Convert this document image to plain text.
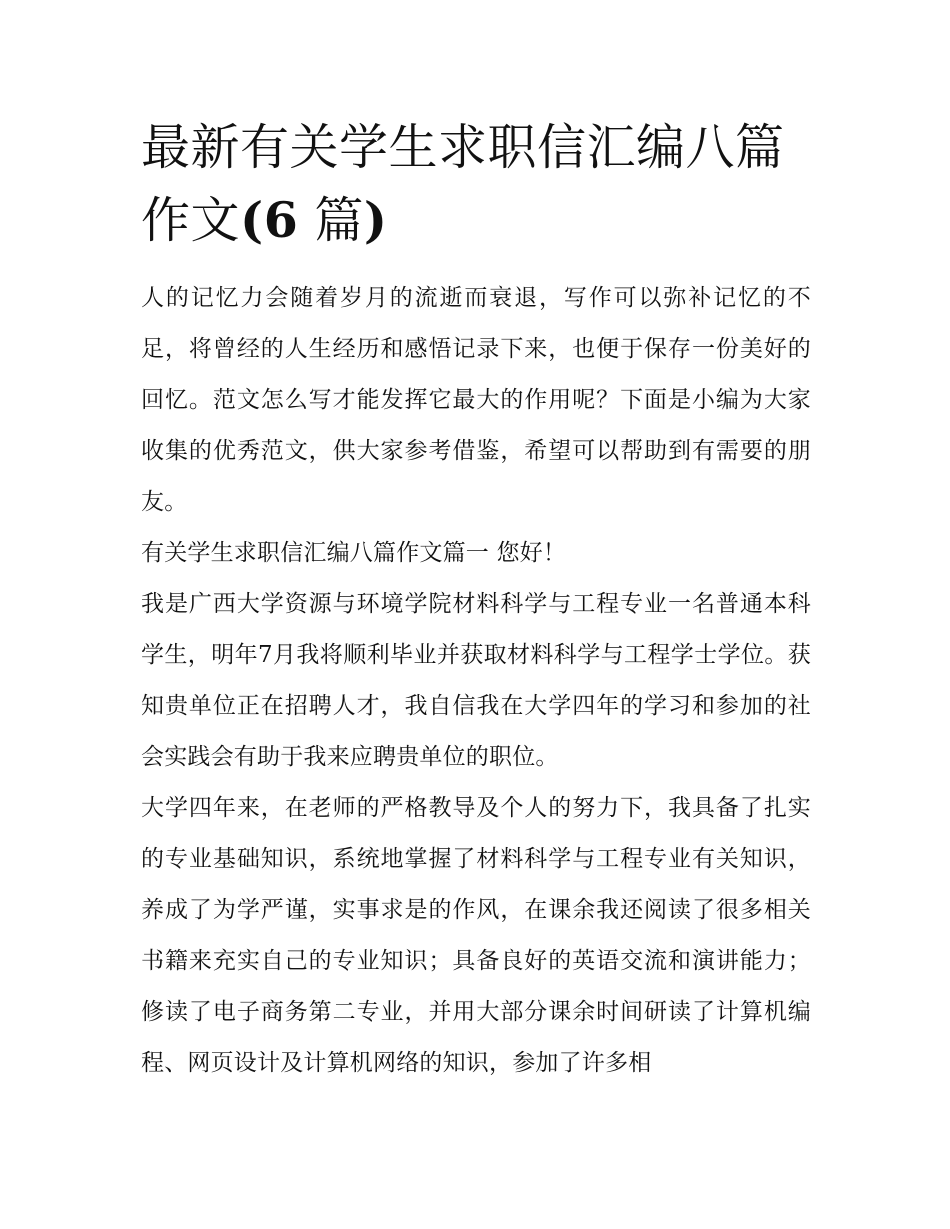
最新有关学生求职信汇编八篇作文(6 篇)

人的记忆力会随着岁月的流逝而衰退，写作可以弥补记忆的不足，将曾经的人生经历和感悟记录下来，也便于保存一份美好的回忆。范文怎么写才能发挥它最大的作用呢？下面是小编为大家收集的优秀范文，供大家参考借鉴，希望可以帮助到有需要的朋友。

有关学生求职信汇编八篇作文篇一 您好！

我是广西大学资源与环境学院材料科学与工程专业一名普通本科学生，明年7月我将顺利毕业并获取材料科学与工程学士学位。获知贵单位正在招聘人才，我自信我在大学四年的学习和参加的社会实践会有助于我来应聘贵单位的职位。

大学四年来，在老师的严格教导及个人的努力下，我具备了扎实的专业基础知识，系统地掌握了材料科学与工程专业有关知识，养成了为学严谨，实事求是的作风，在课余我还阅读了很多相关书籍来充实自己的专业知识；具备良好的英语交流和演讲能力；修读了电子商务第二专业，并用大部分课余时间研读了计算机编程、网页设计及计算机网络的知识，参加了许多相
